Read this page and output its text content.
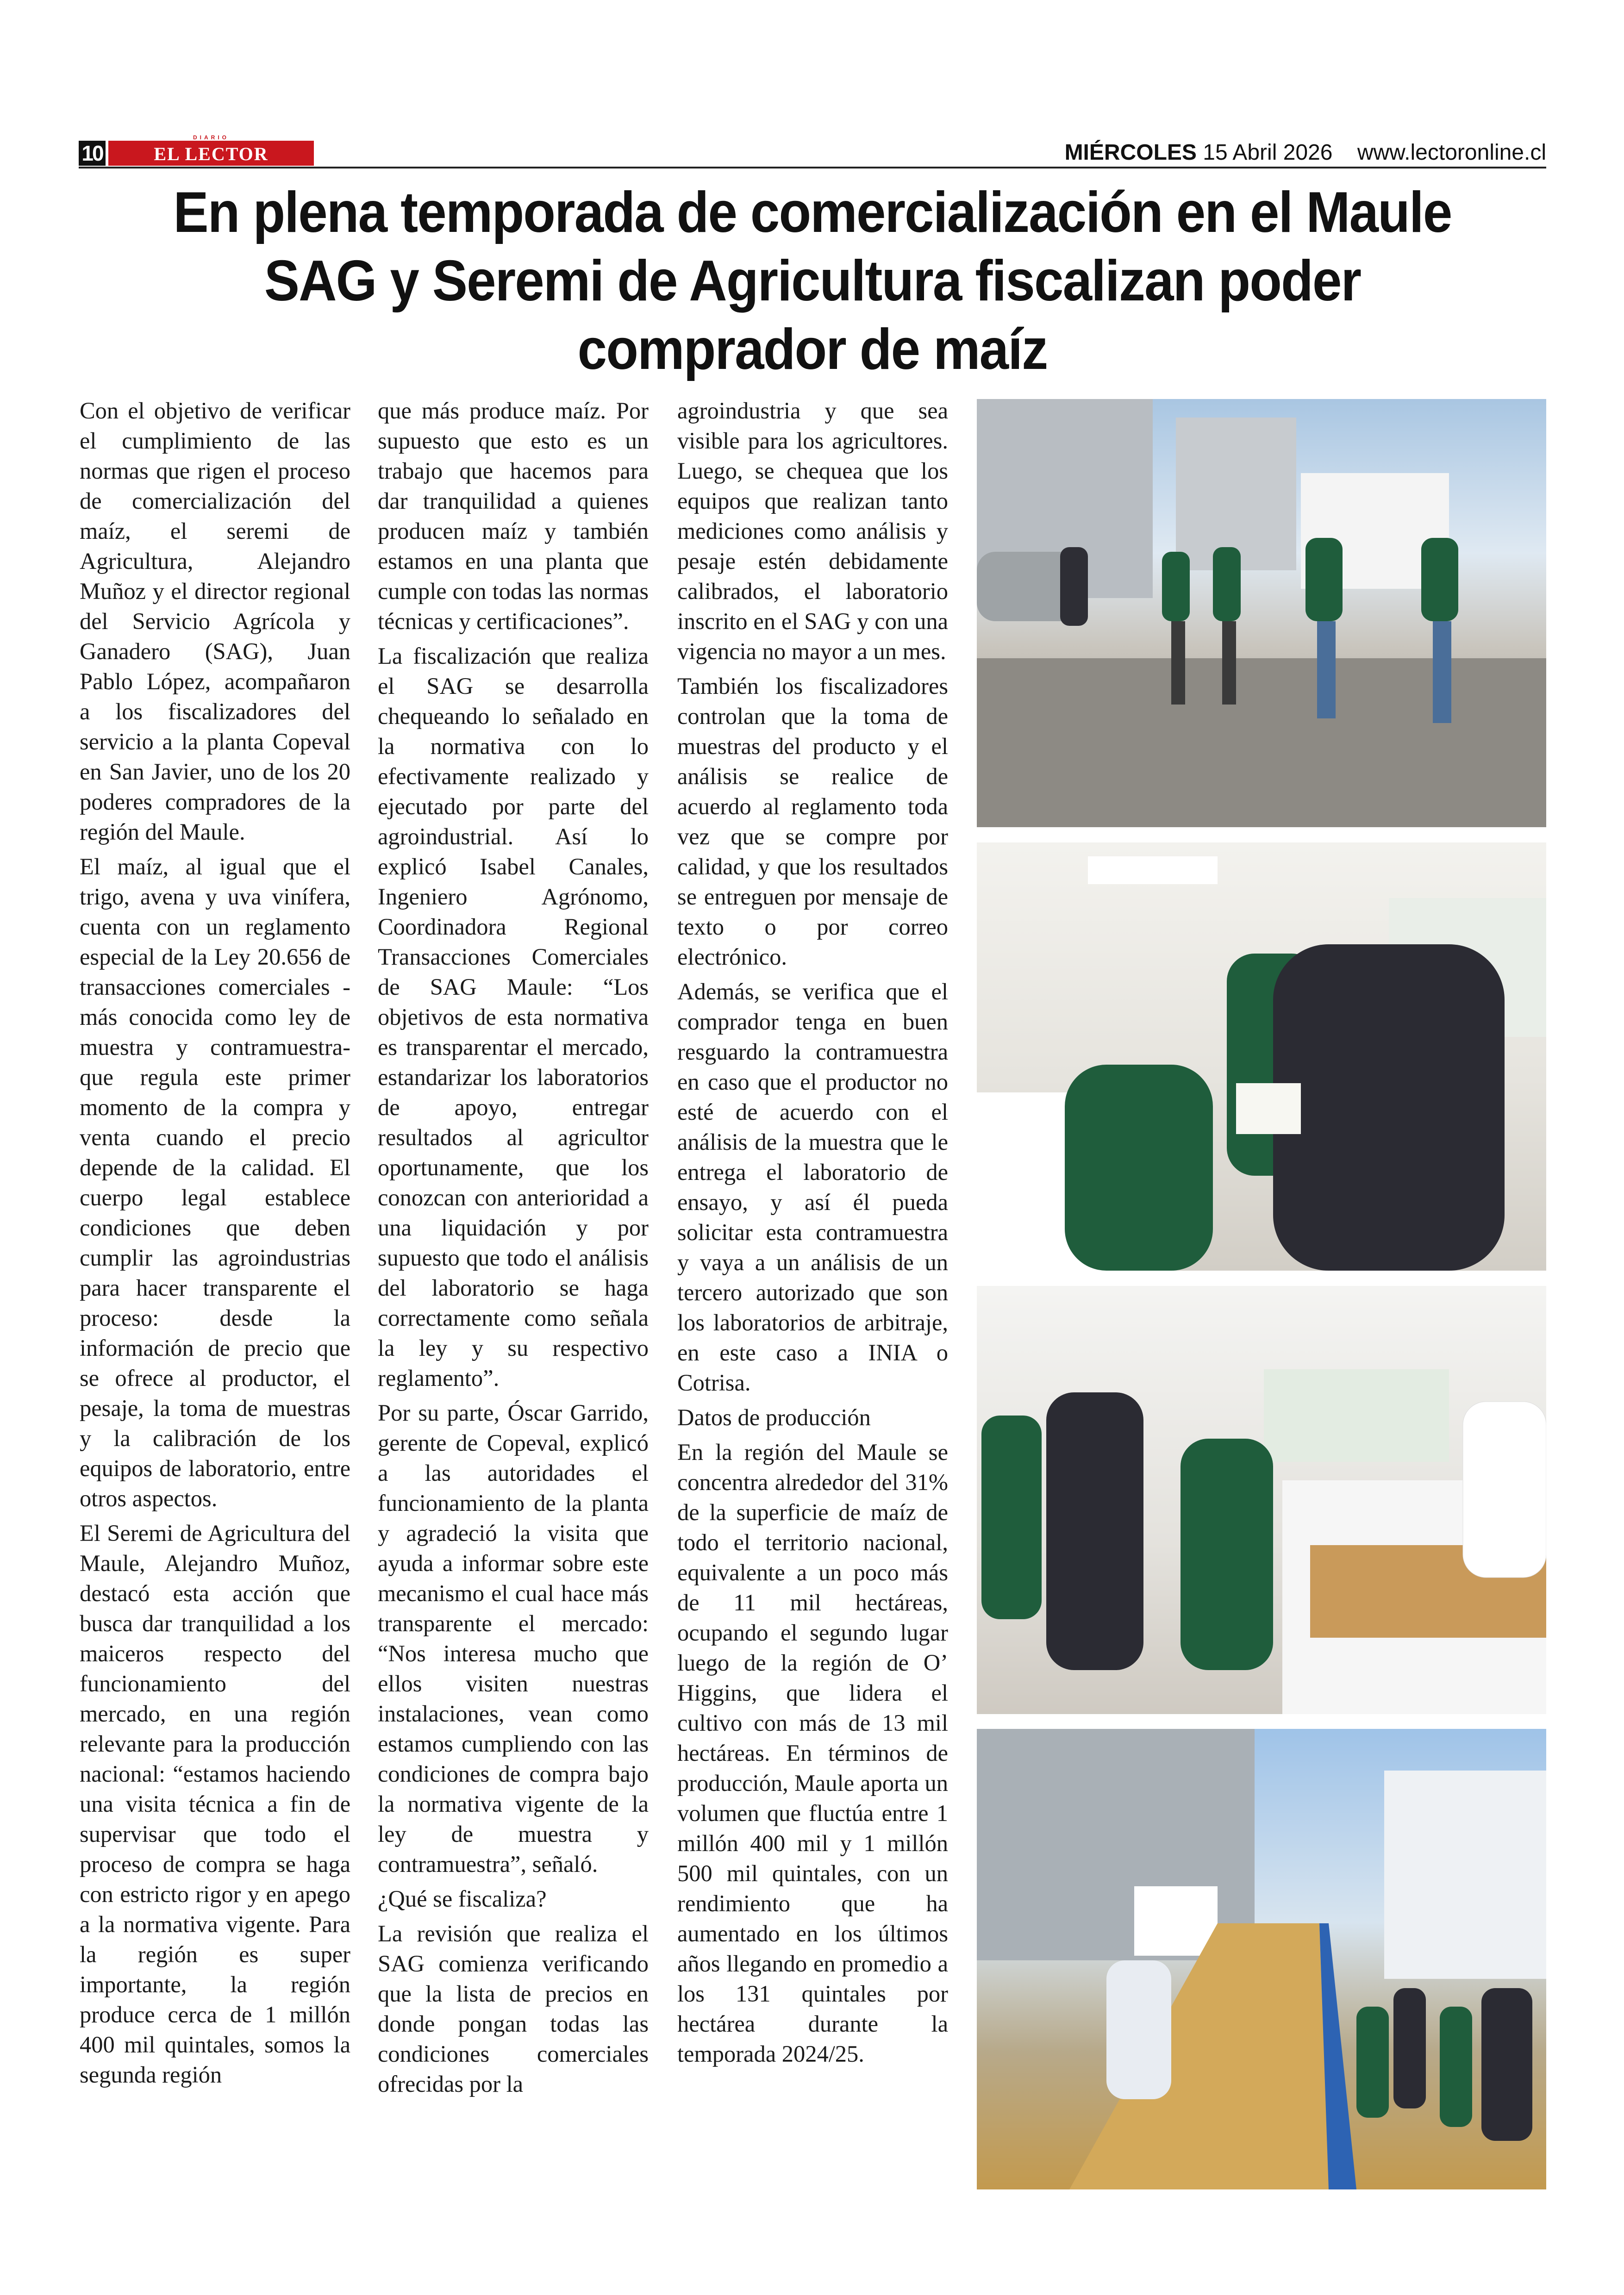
10
DIARIO
EL LECTOR	MIÉRCOLES 15 Abril 2026 www.lectoronline.cl
En plena temporada de comercialización en el Maule
SAG y Seremi de Agricultura fiscalizan poder
comprador de maíz

Con el objetivo de verificar el cumplimiento de las normas que rigen el proceso de comercialización del maíz, el seremi de Agricultura, Alejandro Muñoz y el director regional del Servicio Agrícola y Ganadero (SAG), Juan Pablo López, acompañaron a los fiscalizadores del servicio a la planta Copeval en San Javier, uno de los 20 poderes compradores de la región del Maule.

El maíz, al igual que el trigo, avena y uva vinífera, cuenta con un reglamento especial de la Ley 20.656 de transacciones comerciales -más conocida como ley de muestra y contramuestra- que regula este primer momento de la compra y venta cuando el precio depende de la calidad. El cuerpo legal establece condiciones que deben cumplir las agroindustrias para hacer transparente el proceso: desde la información de precio que se ofrece al productor, el pesaje, la toma de muestras y la calibración de los equipos de laboratorio, entre otros aspectos.

El Seremi de Agricultura del Maule, Alejandro Muñoz, destacó esta acción que busca dar tranquilidad a los maiceros respecto del funcionamiento del mercado, en una región relevante para la producción nacional: “estamos haciendo una visita técnica a fin de supervisar que todo el proceso de compra se haga con estricto rigor y en apego a la normativa vigente. Para la región es super importante, la región produce cerca de 1 millón 400 mil quintales, somos la segunda región

que más produce maíz. Por supuesto que esto es un trabajo que hacemos para dar tranquilidad a quienes producen maíz y también estamos en una planta que cumple con todas las normas técnicas y certificaciones”.

La fiscalización que realiza el SAG se desarrolla chequeando lo señalado en la normativa con lo efectivamente realizado y ejecutado por parte del agroindustrial. Así lo explicó Isabel Canales, Ingeniero Agrónomo, Coordinadora Regional Transacciones Comerciales de SAG Maule: “Los objetivos de esta normativa es transparentar el mercado, estandarizar los laboratorios de apoyo, entregar resultados al agricultor oportunamente, que los conozcan con anterioridad a una liquidación y por supuesto que todo el análisis del laboratorio se haga correctamente como señala la ley y su respectivo reglamento”.

Por su parte, Óscar Garrido, gerente de Copeval, explicó a las autoridades el funcionamiento de la planta y agradeció la visita que ayuda a informar sobre este mecanismo el cual hace más transparente el mercado: “Nos interesa mucho que ellos visiten nuestras instalaciones, vean como estamos cumpliendo con las condiciones de compra bajo la normativa vigente de la ley de muestra y contramuestra”, señaló.

¿Qué se fiscaliza?

La revisión que realiza el SAG comienza verificando que la lista de precios en donde pongan todas las condiciones comerciales ofrecidas por la

agroindustria y que sea visible para los agricultores. Luego, se chequea que los equipos que realizan tanto mediciones como análisis y pesaje estén debidamente calibrados, el laboratorio inscrito en el SAG y con una vigencia no mayor a un mes.

También los fiscalizadores controlan que la toma de muestras del producto y el análisis se realice de acuerdo al reglamento toda vez que se compre por calidad, y que los resultados se entreguen por mensaje de texto o por correo electrónico.

Además, se verifica que el comprador tenga en buen resguardo la contramuestra en caso que el productor no esté de acuerdo con el análisis de la muestra que le entrega el laboratorio de ensayo, y así él pueda solicitar esta contramuestra y vaya a un análisis de un tercero autorizado que son los laboratorios de arbitraje, en este caso a INIA o Cotrisa.

Datos de producción

En la región del Maule se concentra alrededor del 31% de la superficie de maíz de todo el territorio nacional, equivalente a un poco más de 11 mil hectáreas, ocupando el segundo lugar luego de la región de O’ Higgins, que lidera el cultivo con más de 13 mil hectáreas. En términos de producción, Maule aporta un volumen que fluctúa entre 1 millón 400 mil y 1 millón 500 mil quintales, con un rendimiento que ha aumentado en los últimos años llegando en promedio a los 131 quintales por hectárea durante la temporada 2024/25.
